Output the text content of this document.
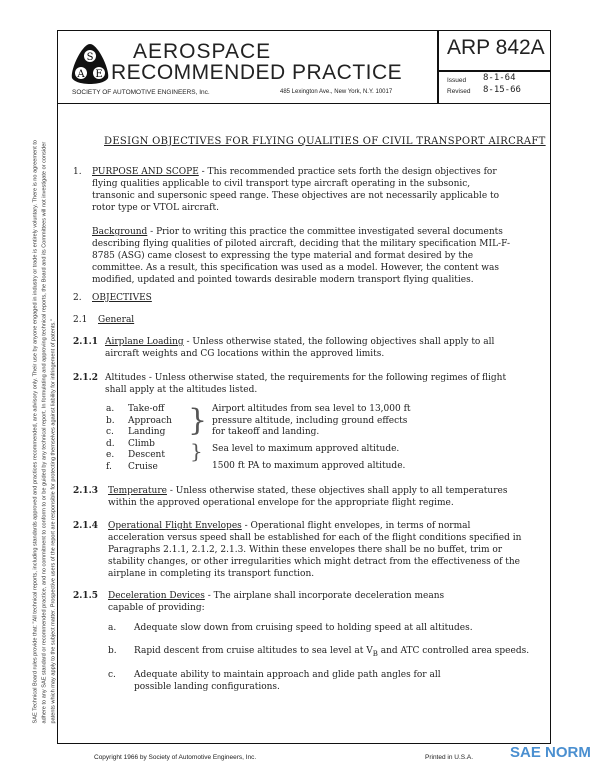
S
A E
AEROSPACE
RECOMMENDED PRACTICE
SOCIETY OF AUTOMOTIVE ENGINEERS, Inc.	485 Lexington Ave., New York, N.Y. 10017
ARP 842A
Issued 8-1-64
Revised 8-15-66
SAE Technical Board rules provide that: "All technical reports, including standards approved and practices recommended, are advisory only. Their use by anyone engaged in industry or trade is entirely voluntary. There is no agreement to adhere to any SAE standard or recommended practice, and no commitment to conform to or be guided by any technical report. In formulating and approving technical reports, the Board and its Committees will not investigate or consider patents which may apply to the subject matter. Prospective users of the report are responsible for protecting themselves against liability for infringement of patents."
DESIGN OBJECTIVES FOR FLYING QUALITIES OF CIVIL TRANSPORT AIRCRAFT
1. PURPOSE AND SCOPE - This recommended practice sets forth the design objectives for flying qualities applicable to civil transport type aircraft operating in the subsonic, transonic and supersonic speed range. These objectives are not necessarily applicable to rotor type or VTOL aircraft.
Background - Prior to writing this practice the committee investigated several documents describing flying qualities of piloted aircraft, deciding that the military specification MIL-F-8785 (ASG) came closest to expressing the type material and format desired by the committee. As a result, this specification was used as a model. However, the content was modified, updated and pointed towards desirable modern transport flying qualities.
2. OBJECTIVES
2.1 General
2.1.1 Airplane Loading - Unless otherwise stated, the following objectives shall apply to all aircraft weights and CG locations within the approved limits.
2.1.2 Altitudes - Unless otherwise stated, the requirements for the following regimes of flight shall apply at the altitudes listed.
a.
b.
c.
d.
e.
f.
Take-off
Approach
Landing
Climb
Descent
Cruise
}
}
Airport altitudes from sea level to 13,000 ft
pressure altitude, including ground effects
for takeoff and landing.
Sea level to maximum approved altitude.
1500 ft PA to maximum approved altitude.
2.1.3 Temperature - Unless otherwise stated, these objectives shall apply to all temperatures within the approved operational envelope for the appropriate flight regime.
2.1.4 Operational Flight Envelopes - Operational flight envelopes, in terms of normal acceleration versus speed shall be established for each of the flight conditions specified in Paragraphs 2.1.1, 2.1.2, 2.1.3. Within these envelopes there shall be no buffet, trim or stability changes, or other irregularities which might detract from the effectiveness of the airplane in completing its transport function.
2.1.5 Deceleration Devices - The airplane shall incorporate deceleration means capable of providing:
a. Adequate slow down from cruising speed to holding speed at all altitudes.
b. Rapid descent from cruise altitudes to sea level at $V_B$ and ATC controlled area speeds.
c. Adequate ability to maintain approach and glide path angles for all possible landing configurations.
Copyright 1966 by Society of Automotive Engineers, Inc.	Printed in U.S.A. SAE NORM
